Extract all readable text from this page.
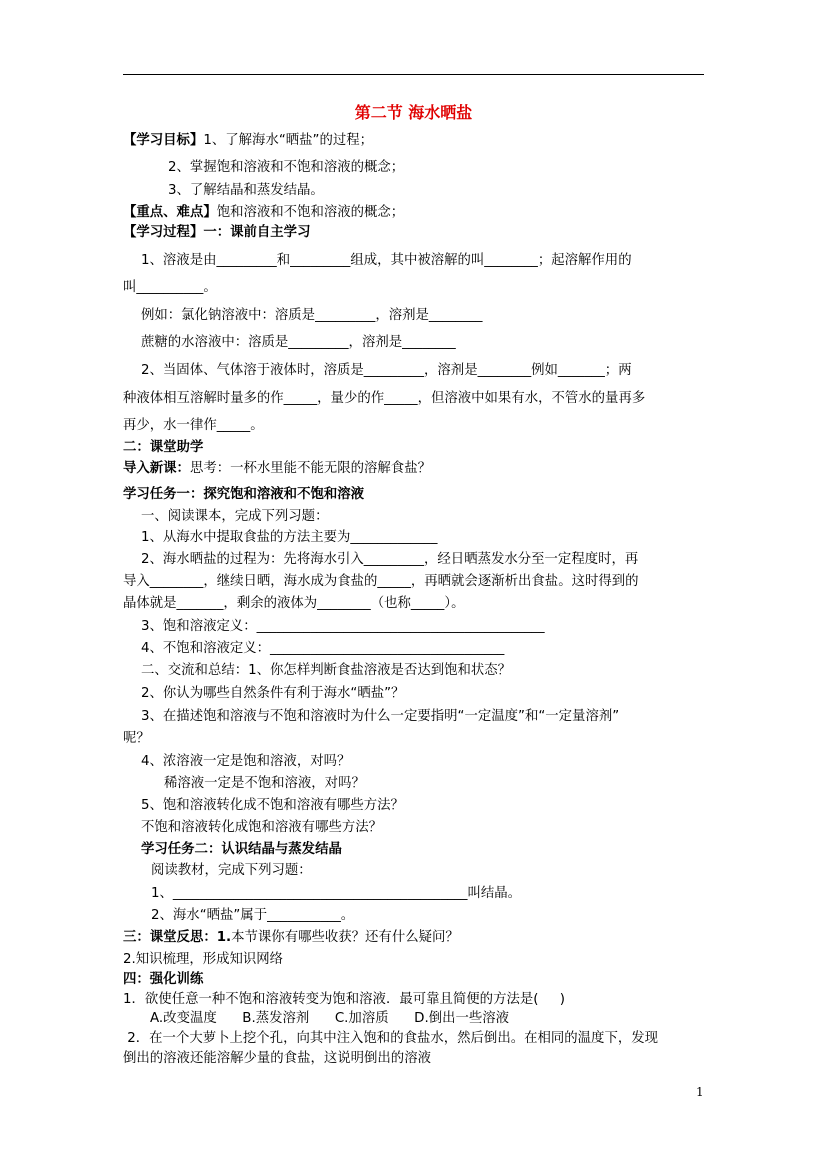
第二节 海水晒盐
【学习目标】1、了解海水“晒盐”的过程；
2、掌握饱和溶液和不饱和溶液的概念；
3、了解结晶和蒸发结晶。
【重点、难点】饱和溶液和不饱和溶液的概念；
【学习过程】一：课前自主学习
1、溶液是由_________和_________组成，其中被溶解的叫________；起溶解作用的
叫__________。
例如：氯化钠溶液中：溶质是_________，溶剂是________
蔗糖的水溶液中：溶质是_________，溶剂是________
2、当固体、气体溶于液体时，溶质是_________，溶剂是________例如_______；两
种液体相互溶解时量多的作_____，量少的作_____，但溶液中如果有水，不管水的量再多
再少，水一律作_____。
二：课堂助学
导入新课：思考：一杯水里能不能无限的溶解食盐？
学习任务一：探究饱和溶液和不饱和溶液
一、阅读课本，完成下列习题：
1、从海水中提取食盐的方法主要为_____________
2、海水晒盐的过程为：先将海水引入_________，经日晒蒸发水分至一定程度时，再
导入________，继续日晒，海水成为食盐的_____，再晒就会逐渐析出食盐。这时得到的
晶体就是_______，剩余的液体为________（也称_____）。
3、饱和溶液定义：___________________________________________
4、不饱和溶液定义：___________________________________
二、交流和总结：1、你怎样判断食盐溶液是否达到饱和状态？
2、你认为哪些自然条件有利于海水“晒盐”？
3、在描述饱和溶液与不饱和溶液时为什么一定要指明“一定温度”和“一定量溶剂”
呢？
4、浓溶液一定是饱和溶液，对吗？
稀溶液一定是不饱和溶液，对吗？
5、饱和溶液转化成不饱和溶液有哪些方法？
不饱和溶液转化成饱和溶液有哪些方法？
学习任务二：认识结晶与蒸发结晶
阅读教材，完成下列习题：
1、____________________________________________叫结晶。
2、海水“晒盐”属于___________。
三：课堂反思：1.本节课你有哪些收获？还有什么疑问？
2.知识梳理，形成知识网络
四：强化训练
1．欲使任意一种不饱和溶液转变为饱和溶液．最可靠且简便的方法是(     )
A.改变温度      B.蒸发溶剂      C.加溶质      D.倒出一些溶液
2．在一个大萝卜上挖个孔，向其中注入饱和的食盐水，然后倒出。在相同的温度下，发现
倒出的溶液还能溶解少量的食盐，这说明倒出的溶液
1
